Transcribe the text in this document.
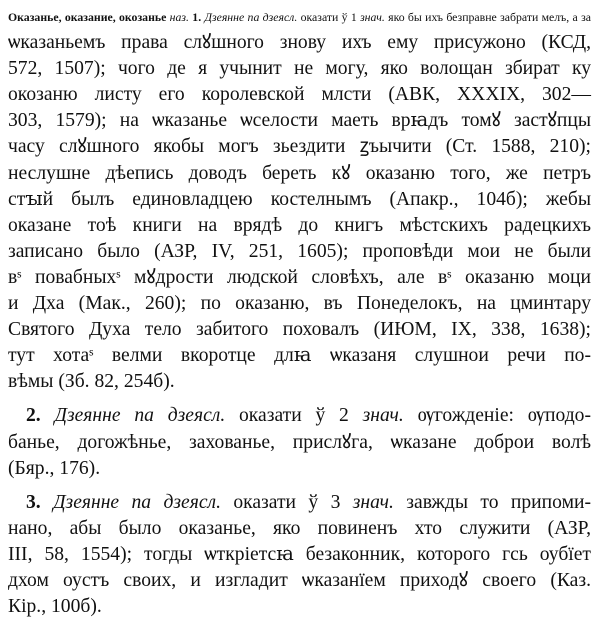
Оказанье, оказание, окозанье наз. 1. Дзеянне па дзеясл. оказати ў 1 знач. яко бы ихъ безправне забрати мелъ, а за
ѡказаньемъ права слꙋшного знову ихъ ему присужоно (КСД,
572, 1507); чого де я учынит не могу, яко волощан збират ку
окозаню листу его королевской млсти (АВК, XXXIX, 302—
303, 1579); на ѡказанье ѡселости маеть врꙗдъ томꙋ застꙋпцы
часу слꙋшного якобы могъ зьездити ꙁъычити (Ст. 1588, 210);
неслушне дѣепись доводъ береть кꙋ оказаню того, же петръ
стꙑй былъ единовладцею костелнымъ (Апакр., 104б); жебы
оказане тоѣ книги на врядѣ до книгъ мѣстскихъ радецкихъ
записано было (АЗР, IV, 251, 1605); проповѣди мои не были
вˢ повабныхˢ мꙋдрости людской словѣхъ, але вˢ оказаню моци
и Дха (Мак., 260); по оказаню, въ Понеделокъ, на цминтару
Святого Духа тело забитого поховалъ (ИЮМ, IX, 338, 1638);
тут хотаˢ велми вкоротце длꙗ ѡказаня слушнои речи по-
вѣмы (Зб. 82, 254б).

2. Дзеянне па дзеясл. оказати ў 2 знач. ѹгожденіе: ѹподо-
банье, догожѣнье, захованье, прислꙋга, ѡказане доброи волѣ
(Бяр., 176).

3. Дзеянне па дзеясл. оказати ў 3 знач. завжды то припоми-
нано, абы было оказанье, яко повиненъ хто служити (АЗР,
III, 58, 1554); тогды ѡткріетсꙗ безаконник, которого гсь оубїет
дхом оустъ своих, и изгладит ѡказанїем приходꙋ своего (Каз.
Кір., 100б).
